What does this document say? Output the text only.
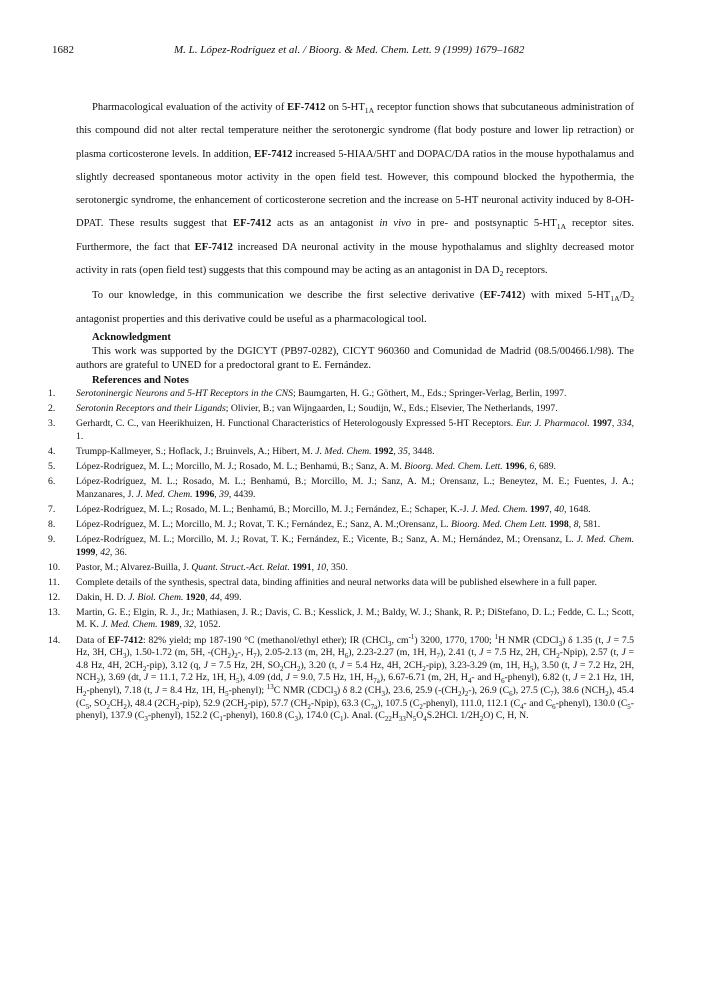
1682	M. L. López-Rodríguez et al. / Bioorg. & Med. Chem. Lett. 9 (1999) 1679–1682

Pharmacological evaluation of the activity of EF-7412 on $5-HT_{1A}$ receptor function shows that subcutaneous administration of this compound did not alter rectal temperature neither the serotonergic syndrome (flat body posture and lower lip retraction) or plasma corticosterone levels. In addition, EF-7412 increased 5-HIAA/5HT and DOPAC/DA ratios in the mouse hypothalamus and slightly decreased spontaneous motor activity in the open field test. However, this compound blocked the hypothermia, the serotonergic syndrome, the enhancement of corticosterone secretion and the increase on 5-HT neuronal activity induced by 8-OH-DPAT. These results suggest that EF-7412 acts as an antagonist in vivo in pre- and postsynaptic $5-HT_{1A}$ receptor sites. Furthermore, the fact that EF-7412 increased DA neuronal activity in the mouse hypothalamus and slighlty decreased motor activity in rats (open field test) suggests that this compound may be acting as an antagonist in DA $D_2$ receptors.

To our knowledge, in this communication we describe the first selective derivative (EF-7412) with mixed $5-HT_{1A}/D_2$ antagonist properties and this derivative could be useful as a pharmacological tool.

Acknowledgment

This work was supported by the DGICYT (PB97-0282), CICYT 960360 and Comunidad de Madrid (08.5/00466.1/98). The authors are grateful to UNED for a predoctoral grant to E. Fernández.

References and Notes
1.	Serotoninergic Neurons and 5-HT Receptors in the CNS; Baumgarten, H. G.; Göthert, M., Eds.; Springer-Verlag, Berlin, 1997.
2.	Serotonin Receptors and their Ligands; Olivier, B.; van Wijngaarden, I.; Soudijn, W., Eds.; Elsevier, The Netherlands, 1997.
3.	Gerhardt, C. C., van Heerikhuizen, H. Functional Characteristics of Heterologously Expressed 5-HT Receptors. Eur. J. Pharmacol. 1997, 334, 1.
4.	Trumpp-Kallmeyer, S.; Hoflack, J.; Bruinvels, A.; Hibert, M. J. Med. Chem. 1992, 35, 3448.
5.	López-Rodríguez, M. L.; Morcillo, M. J.; Rosado, M. L.; Benhamú, B.; Sanz, A. M. Bioorg. Med. Chem. Lett. 1996, 6, 689.
6.	López-Rodríguez, M. L.; Rosado, M. L.; Benhamú, B.; Morcillo, M. J.; Sanz, A. M.; Orensanz, L.; Beneytez, M. E.; Fuentes, J. A.; Manzanares, J. J. Med. Chem. 1996, 39, 4439.
7.	López-Rodríguez, M. L.; Rosado, M. L.; Benhamú, B.; Morcillo, M. J.; Fernández, E.; Schaper, K.-J. J. Med. Chem. 1997, 40, 1648.
8.	López-Rodríguez, M. L.; Morcillo, M. J.; Rovat, T. K.; Fernández, E.; Sanz, A. M.;Orensanz, L. Bioorg. Med. Chem Lett. 1998, 8, 581.
9.	López-Rodríguez, M. L.; Morcillo, M. J.; Rovat, T. K.; Fernández, E.; Vicente, B.; Sanz, A. M.; Hernández, M.; Orensanz, L. J. Med. Chem. 1999, 42, 36.
10.	Pastor, M.; Alvarez-Builla, J. Quant. Struct.-Act. Relat. 1991, 10, 350.
11.	Complete details of the synthesis, spectral data, binding affinities and neural networks data will be published elsewhere in a full paper.
12.	Dakin, H. D. J. Biol. Chem. 1920, 44, 499.
13.	Martin, G. E.; Elgin, R. J., Jr.; Mathiasen, J. R.; Davis, C. B.; Kesslick, J. M.; Baldy, W. J.; Shank, R. P.; DiStefano, D. L.; Fedde, C. L.; Scott, M. K. J. Med. Chem. 1989, 32, 1052.
14.	Data of EF-7412: 82% yield; mp 187-190 °C (methanol/ethyl ether); IR (CHCl$_3$, $cm^{-1}$) 3200, 1770, 1700; $^1$H NMR (CDCl$_3$) δ 1.35 (t, J = 7.5 Hz, 3H, $CH_3$), 1.50-1.72 (m, 5H, $-(CH_2)_2-$, $H_7$), 2.05-2.13 (m, 2H, $H_6$), 2.23-2.27 (m, 1H, $H_7$), 2.41 (t, J = 7.5 Hz, 2H, $CH_2-Npip$), 2.57 (t, J = 4.8 Hz, 4H, $2CH_2-pip$), 3.12 (q, J = 7.5 Hz, 2H, $SO_2CH_2$), 3.20 (t, J = 5.4 Hz, 4H, $2CH_2-pip$), 3.23-3.29 (m, 1H, $H_5$), 3.50 (t, J = 7.2 Hz, 2H, $NCH_2$), 3.69 (dt, J = 11.1, 7.2 Hz, 1H, $H_5$), 4.09 (dd, J = 9.0, 7.5 Hz, 1H, $H_{7a}$), 6.67-6.71 (m, 2H, $H_4-$ and $H_6-phenyl$), 6.82 (t, J = 2.1 Hz, 1H, $H_2-phenyl$), 7.18 (t, J = 8.4 Hz, 1H, $H_5-phenyl$); $^{13}$C NMR (CDCl$_3$) δ 8.2 $(CH_3)$, 23.6, 25.9 $(-(CH_2)_2-)$, 26.9 $(C_6)$, 27.5 $(C_7)$, 38.6 $(NCH_2)$, 45.4 ($C_5$, $SO_2CH_2$), 48.4 $(2CH_2-pip)$, 52.9 $(2CH_2-pip)$, 57.7 $(CH_2-Npip)$, 63.3 $(C_{7a})$, 107.5 $(C_2-phenyl)$, 111.0, 112.1 ($C_4-$ and $C_6-phenyl$), 130.0 $(C_5-phenyl)$, 137.9 $(C_3-phenyl)$, 152.2 $(C_1-phenyl)$, 160.8 $(C_3)$, 174.0 $(C_1)$. Anal. ($C_{22}H_{33}N_5O_4S.2HCl$. $1/2H_2O$) C, H, N.
